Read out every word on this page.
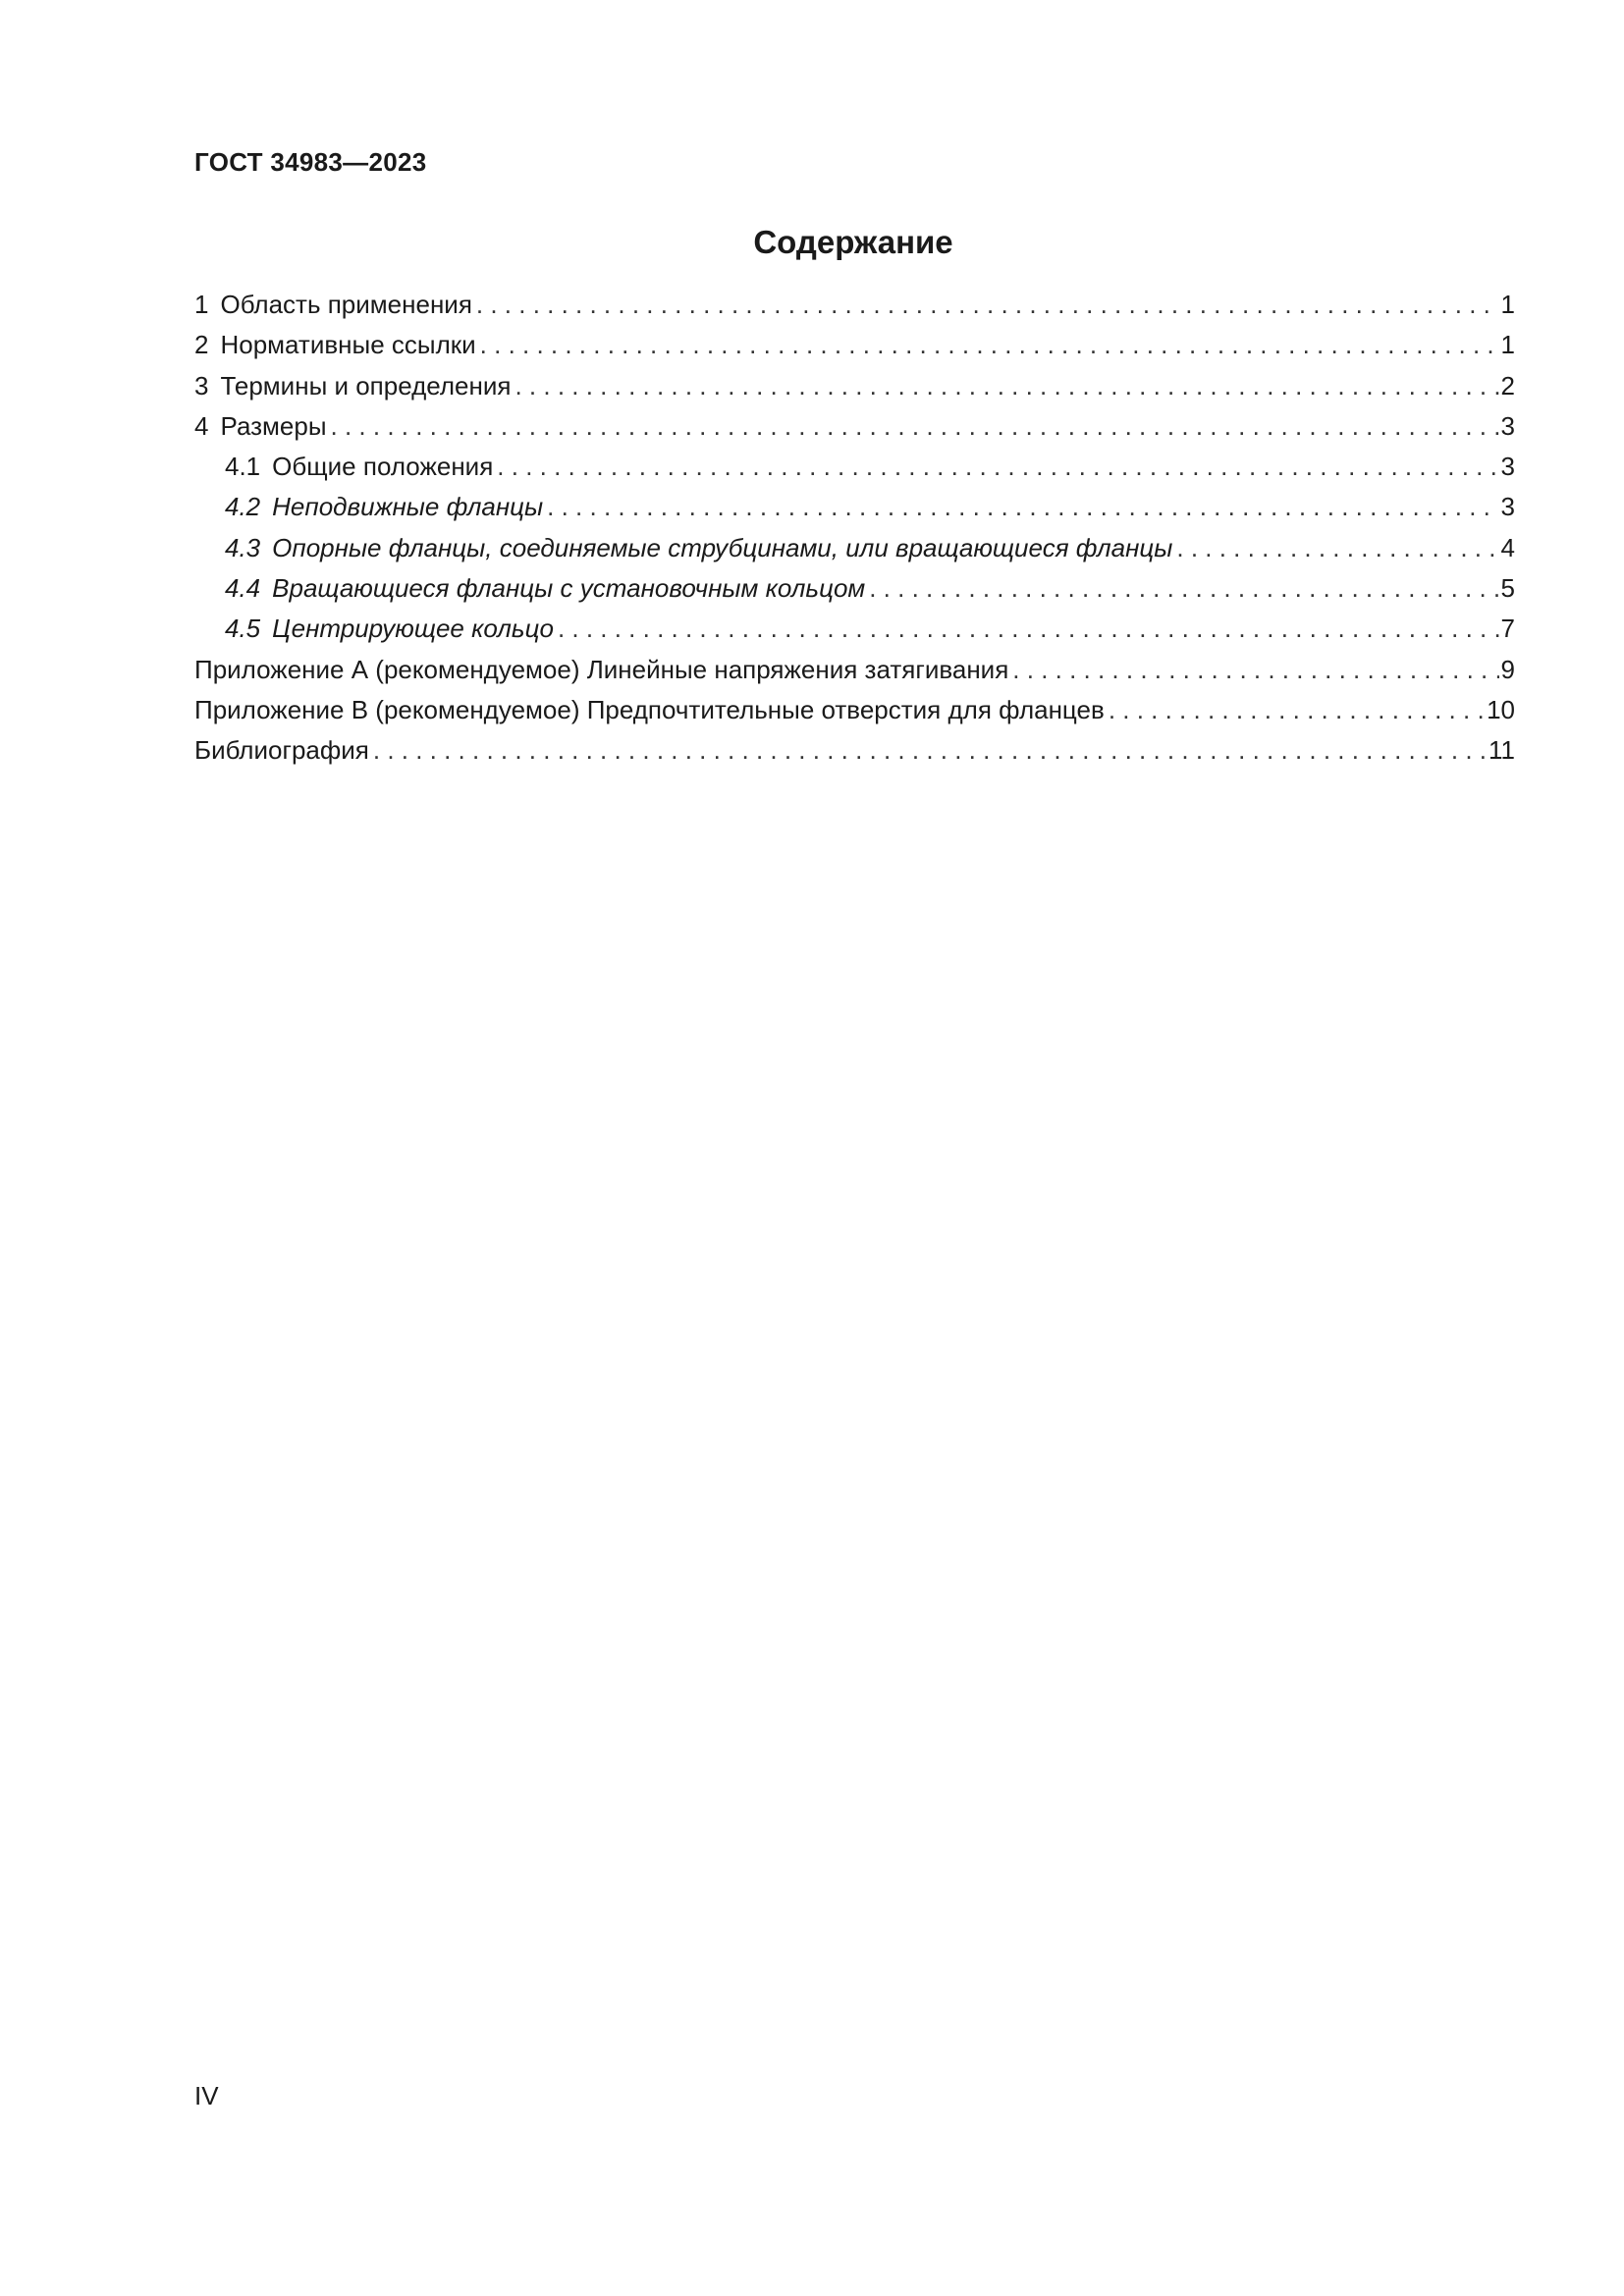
ГОСТ 34983—2023
Содержание
1 Область применения . . .	1
2 Нормативные ссылки . . .	1
3 Термины и определения . . .	2
4 Размеры . . .	3
4.1 Общие положения . . .	3
4.2 Неподвижные фланцы . . .	3
4.3 Опорные фланцы, соединяемые струбцинами, или вращающиеся фланцы . . .	4
4.4 Вращающиеся фланцы с установочным кольцом . . .	5
4.5 Центрирующее кольцо . . .	7
Приложение А (рекомендуемое) Линейные напряжения затягивания . . .	9
Приложение В (рекомендуемое) Предпочтительные отверстия для фланцев . . .	10
Библиография . . .	11
IV
